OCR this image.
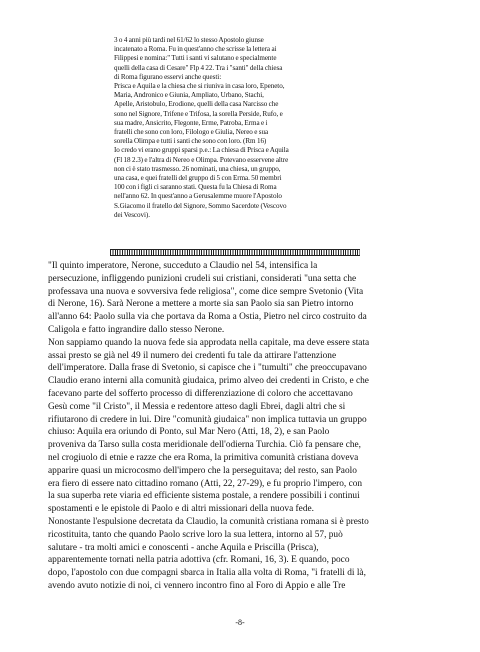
3 o 4 anni più tardi nel 61/62 lo stesso Apostolo giunse

incatenato a Roma. Fu in quest'anno che scrisse la lettera ai

Filippesi e nomina:" Tutti i santi vi salutano e specialmente

quelli della casa di Cesare" Flp 4 22. Tra i "santi" della chiesa

di Roma figurano esservi anche questi:

Prisca e Aquila e la chiesa che si riuniva in casa loro, Epeneto,

Maria, Andronico e Giunia, Ampliato, Urbano, Stachi,

Apelle, Aristobulo, Erodione, quelli della casa Narcisso che

sono nel Signore, Trifene e Trifosa, la sorella Perside, Rufo, e

sua madre, Ansicrito, Flegonte, Erme, Patroba, Erma e i

fratelli che sono con loro, Filologo e Giulia, Nereo e sua

sorella Olimpa e tutti i santi che sono con loro. (Rm 16)

Io credo vi erano gruppi sparsi p.e.: La chiesa di Prisca e Aquila

(Fl 18 2.3) e l'altra di Nereo e Olimpa. Potevano esservene altre

non ci è stato trasmesso. 26 nominati, una chiesa, un gruppo,

una casa, e quei fratelli del gruppo di 5 con Erma. 50 membri

100 con i figli ci saranno stati. Questa fu la Chiesa di Roma

nell'anno 62. In quest'anno a Gerusalemme muore l'Apostolo

S.Giacomo il fratello del Signore, Sommo Sacerdote (Vescovo

dei Vescovi).

"Il quinto imperatore, Nerone, succeduto a Claudio nel 54, intensifica la

persecuzione, infliggendo punizioni crudeli sui cristiani, considerati "una setta che

professava una nuova e sovversiva fede religiosa", come dice sempre Svetonio (Vita

di Nerone, 16). Sarà Nerone a mettere a morte sia san Paolo sia san Pietro intorno

all'anno 64: Paolo sulla via che portava da Roma a Ostia, Pietro nel circo costruito da

Caligola e fatto ingrandire dallo stesso Nerone.

Non sappiamo quando la nuova fede sia approdata nella capitale, ma deve essere stata

assai presto se già nel 49 il numero dei credenti fu tale da attirare l'attenzione

dell'imperatore. Dalla frase di Svetonio, si capisce che i "tumulti" che preoccupavano

Claudio erano interni alla comunità giudaica, primo alveo dei credenti in Cristo, e che

facevano parte del sofferto processo di differenziazione di coloro che accettavano

Gesù come "il Cristo", il Messia e redentore atteso dagli Ebrei, dagli altri che si

rifiutarono di credere in lui. Dire "comunità giudaica" non implica tuttavia un gruppo

chiuso: Aquila era oriundo di Ponto, sul Mar Nero (Atti, 18, 2), e san Paolo

proveniva da Tarso sulla costa meridionale dell'odierna Turchia. Ciò fa pensare che,

nel crogiuolo di etnie e razze che era Roma, la primitiva comunità cristiana doveva

apparire quasi un microcosmo dell'impero che la perseguitava; del resto, san Paolo

era fiero di essere nato cittadino romano (Atti, 22, 27-29), e fu proprio l'impero, con

la sua superba rete viaria ed efficiente sistema postale, a rendere possibili i continui

spostamenti e le epistole di Paolo e di altri missionari della nuova fede.

Nonostante l'espulsione decretata da Claudio, la comunità cristiana romana si è presto

ricostituita, tanto che quando Paolo scrive loro la sua lettera, intorno al 57, può

salutare - tra molti amici e conoscenti - anche Aquila e Priscilla (Prisca),

apparentemente tornati nella patria adottiva (cfr. Romani, 16, 3). E quando, poco

dopo, l'apostolo con due compagni sbarca in Italia alla volta di Roma, "i fratelli di là,

avendo avuto notizie di noi, ci vennero incontro fino al Foro di Appio e alle Tre

-8-
